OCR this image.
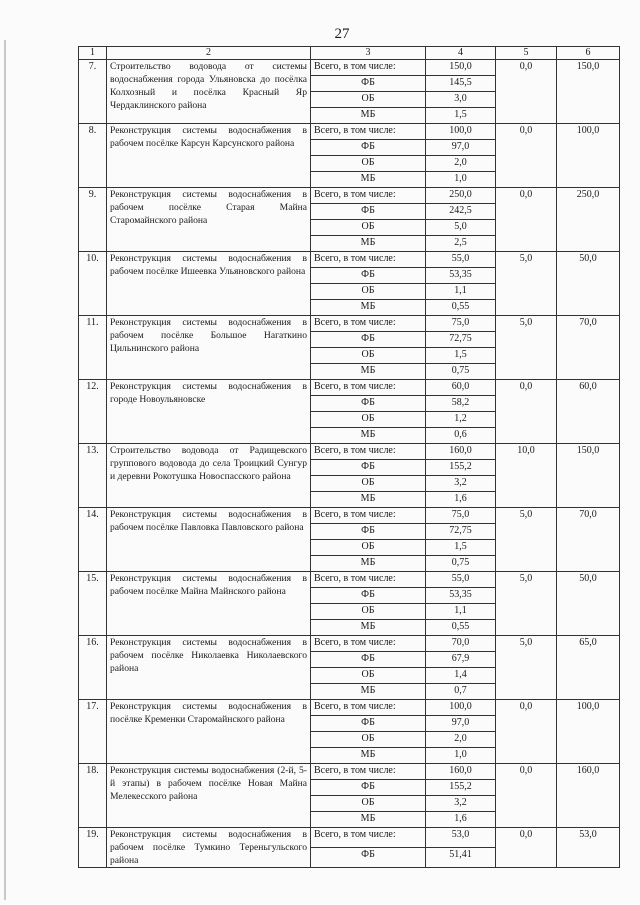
27
1	2	3	4	5	6
7.	Строительство водовода от системы водоснабжения города Ульяновска до посёлка Колхозный и посёлка Красный Яр Чердаклинского района	Всего, в том числе:	150,0	0,0	150,0
		ФБ	145,5		
		ОБ	3,0		
		МБ	1,5		
8.	Реконструкция системы водоснабжения в рабочем посёлке Карсун Карсунского района	Всего, в том числе:	100,0	0,0	100,0
		ФБ	97,0		
		ОБ	2,0		
		МБ	1,0		
9.	Реконструкция системы водоснабжения в рабочем посёлке Старая Майна Старомайнского района	Всего, в том числе:	250,0	0,0	250,0
		ФБ	242,5		
		ОБ	5,0		
		МБ	2,5		
10.	Реконструкция системы водоснабжения в рабочем посёлке Ишеевка Ульяновского района	Всего, в том числе:	55,0	5,0	50,0
		ФБ	53,35		
		ОБ	1,1		
		МБ	0,55		
11.	Реконструкция системы водоснабжения в рабочем посёлке Большое Нагаткино Цильнинского района	Всего, в том числе:	75,0	5,0	70,0
		ФБ	72,75		
		ОБ	1,5		
		МБ	0,75		
12.	Реконструкция системы водоснабжения в городе Новоульяновске	Всего, в том числе:	60,0	0,0	60,0
		ФБ	58,2		
		ОБ	1,2		
		МБ	0,6		
13.	Строительство водовода от Радищевского группового водовода до села Троицкий Сунгур и деревни Рокотушка Новоспасского района	Всего, в том числе:	160,0	10,0	150,0
		ФБ	155,2		
		ОБ	3,2		
		МБ	1,6		
14.	Реконструкция системы водоснабжения в рабочем посёлке Павловка Павловского района	Всего, в том числе:	75,0	5,0	70,0
		ФБ	72,75		
		ОБ	1,5		
		МБ	0,75		
15.	Реконструкция системы водоснабжения в рабочем посёлке Майна Майнского района	Всего, в том числе:	55,0	5,0	50,0
		ФБ	53,35		
		ОБ	1,1		
		МБ	0,55		
16.	Реконструкция системы водоснабжения в рабочем посёлке Николаевка Николаевского района	Всего, в том числе:	70,0	5,0	65,0
		ФБ	67,9		
		ОБ	1,4		
		МБ	0,7		
17.	Реконструкция системы водоснабжения в посёлке Кременки Старомайнского района	Всего, в том числе:	100,0	0,0	100,0
		ФБ	97,0		
		ОБ	2,0		
		МБ	1,0		
18.	Реконструкция системы водоснабжения (2-й, 5-й этапы) в рабочем посёлке Новая Майна Мелекесского района	Всего, в том числе:	160,0	0,0	160,0
		ФБ	155,2		
		ОБ	3,2		
		МБ	1,6		
19.	Реконструкция системы водоснабжения в рабочем посёлке Тумкино Тереньгульского района	Всего, в том числе:	53,0	0,0	53,0
		ФБ	51,41		
